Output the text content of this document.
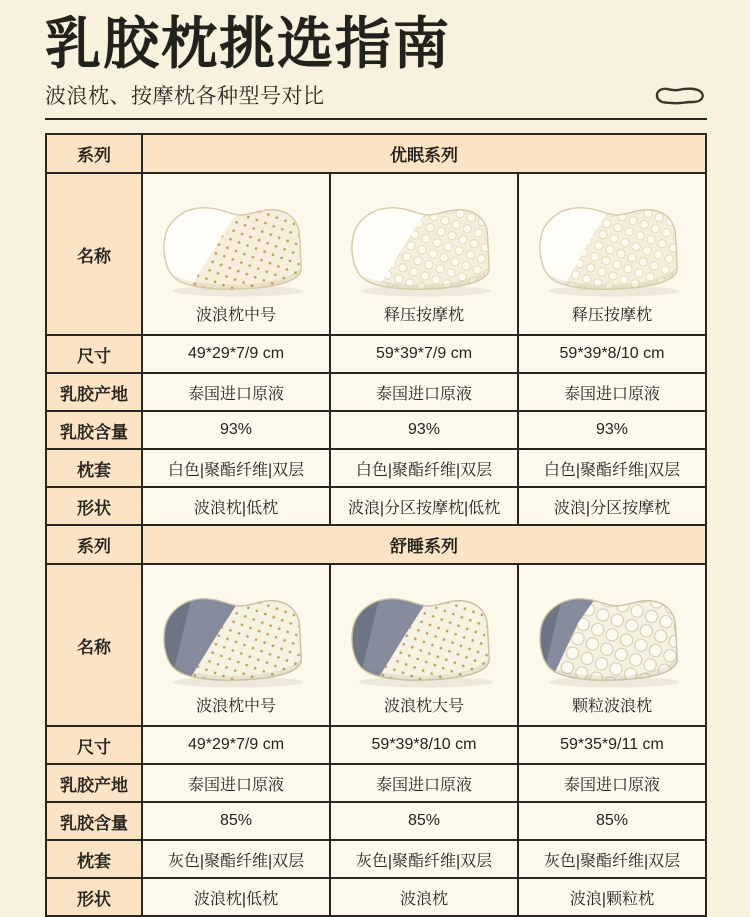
乳胶枕挑选指南
波浪枕、按摩枕各种型号对比
系列	优眠系列		
名称	波浪枕中号	释压按摩枕	释压按摩枕

尺寸	49*29*7/9 cm	59*39*7/9 cm	59*39*8/10 cm
乳胶产地	泰国进口原液	泰国进口原液	泰国进口原液
乳胶含量	93%	93%	93%
枕套	白色|聚酯纤维|双层	白色|聚酯纤维|双层	白色|聚酯纤维|双层
形状	波浪枕|低枕	波浪|分区按摩枕|低枕	波浪|分区按摩枕
系列	舒睡系列		
名称	波浪枕中号	波浪枕大号	颗粒波浪枕

尺寸	49*29*7/9 cm	59*39*8/10 cm	59*35*9/11 cm
乳胶产地	泰国进口原液	泰国进口原液	泰国进口原液
乳胶含量	85%	85%	85%
枕套	灰色|聚酯纤维|双层	灰色|聚酯纤维|双层	灰色|聚酯纤维|双层
形状	波浪枕|低枕	波浪枕	波浪|颗粒枕
